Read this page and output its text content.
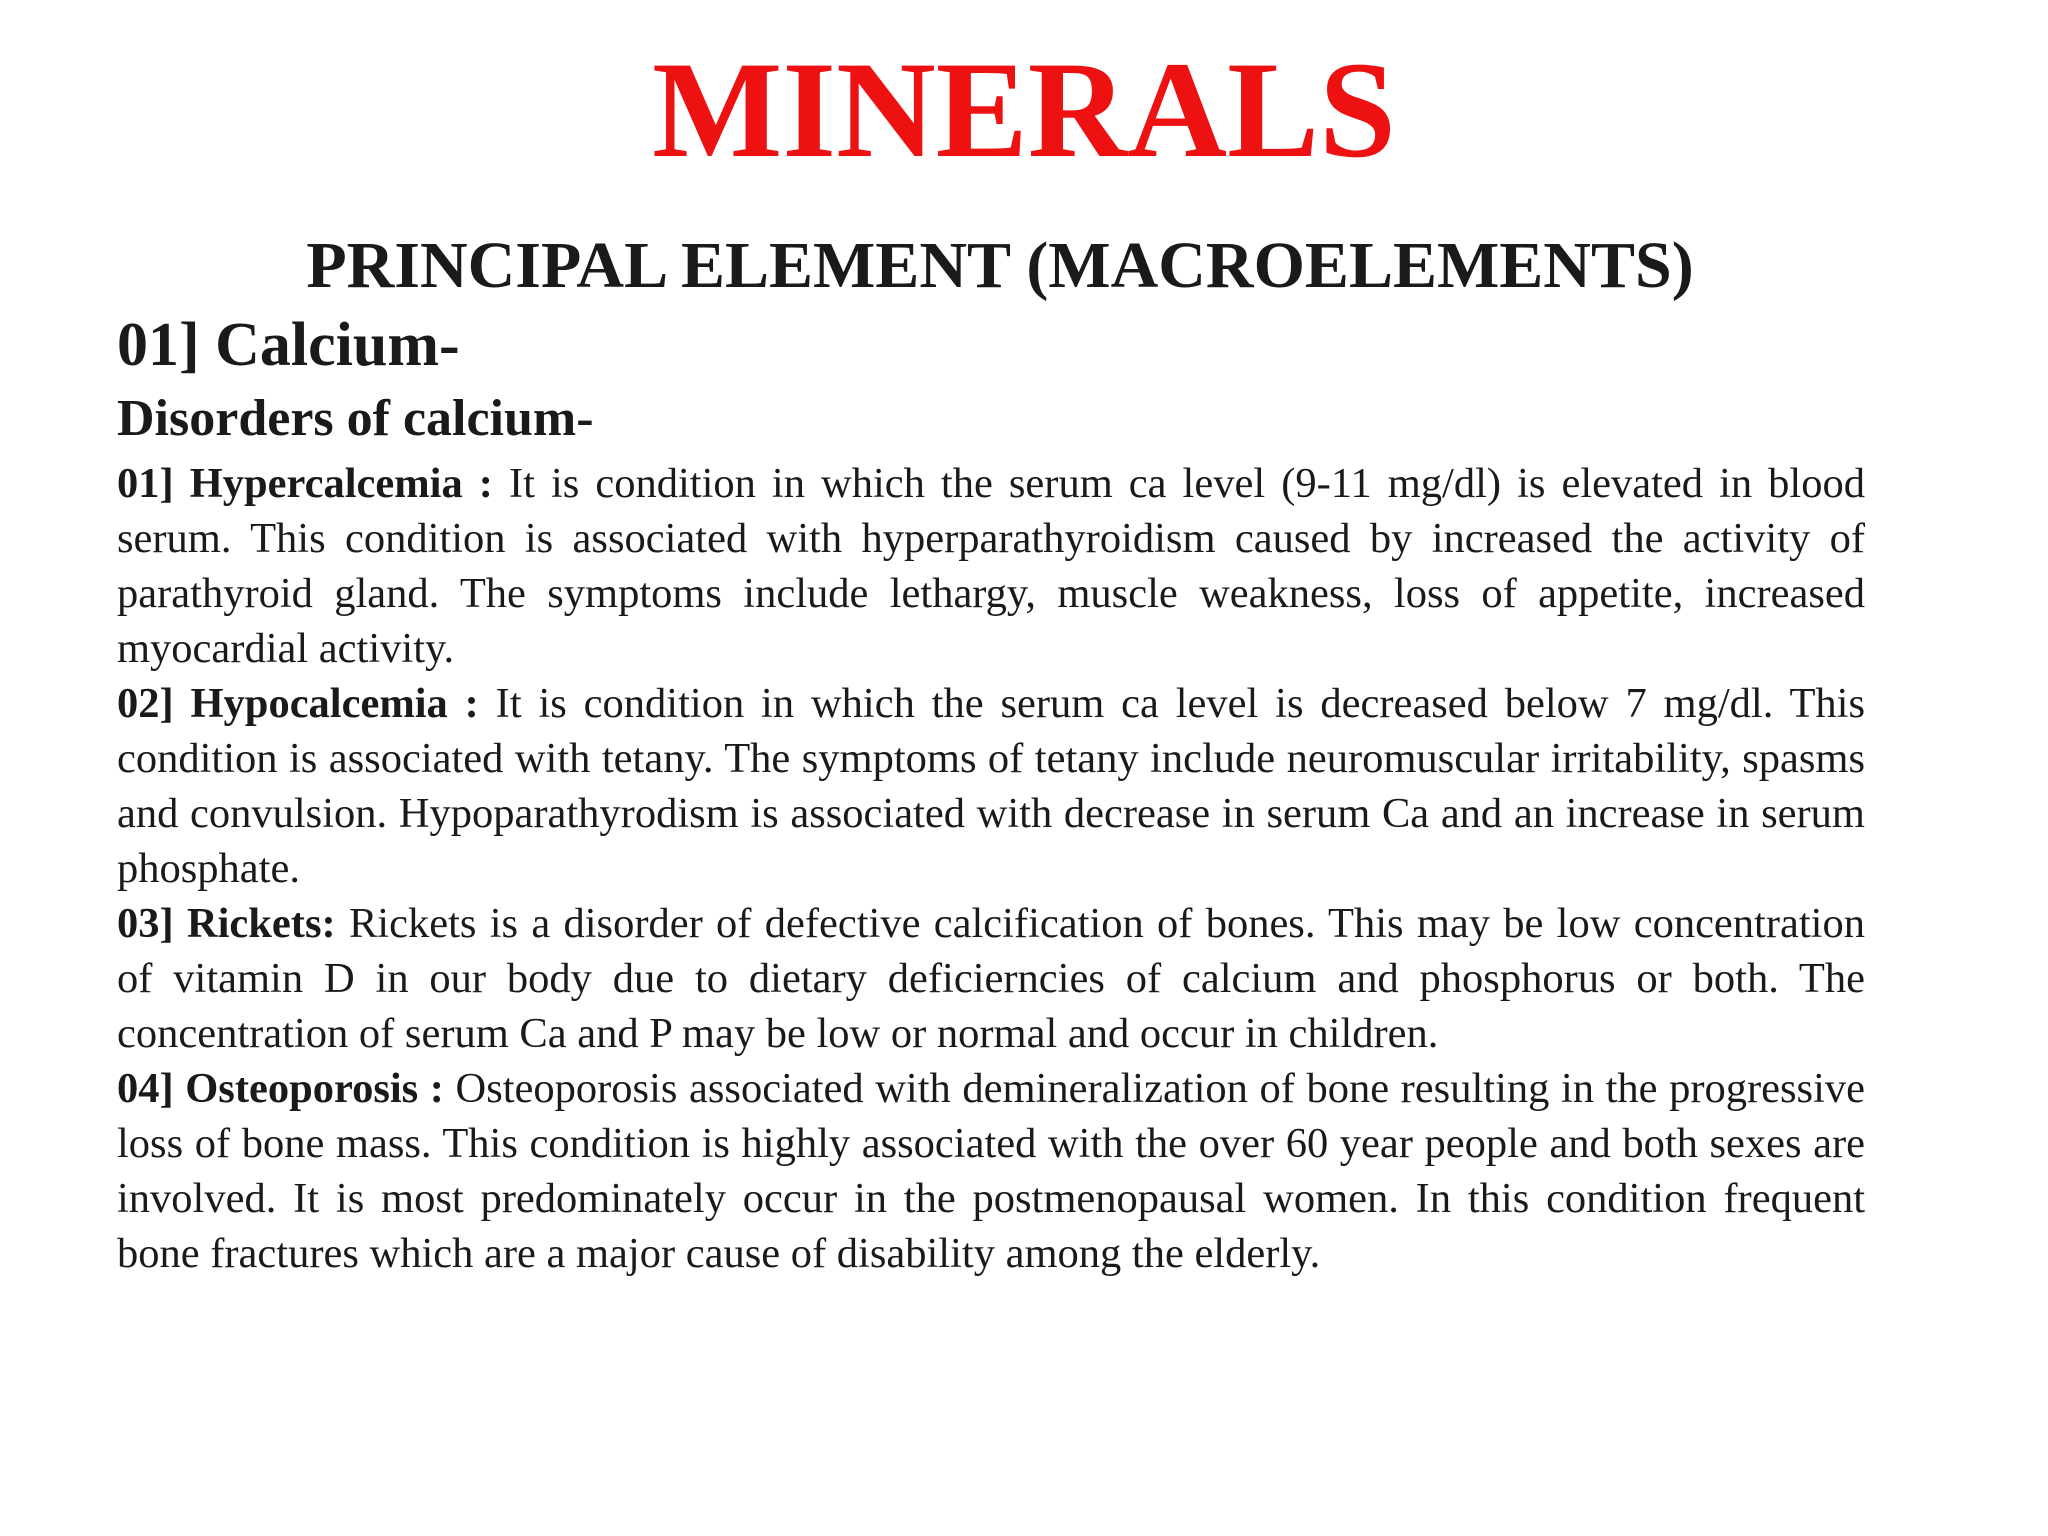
MINERALS
PRINCIPAL ELEMENT (MACROELEMENTS)
01] Calcium-
Disorders of calcium-

01] Hypercalcemia : It is condition in which the serum ca level (9-11 mg/dl) is elevated in blood serum. This condition is associated with hyperparathyroidism caused by increased the activity of parathyroid gland. The symptoms include lethargy, muscle weakness, loss of appetite, increased myocardial activity.

02] Hypocalcemia : It is condition in which the serum ca level is decreased below 7 mg/dl. This condition is associated with tetany. The symptoms of tetany include neuromuscular irritability, spasms and convulsion. Hypoparathyrodism is associated with decrease in serum Ca and an increase in serum phosphate.

03] Rickets: Rickets is a disorder of defective calcification of bones. This may be low concentration of vitamin D in our body due to dietary deficierncies of calcium and phosphorus or both. The concentration of serum Ca and P may be low or normal and occur in children.

04] Osteoporosis : Osteoporosis associated with demineralization of bone resulting in the progressive loss of bone mass. This condition is highly associated with the over 60 year people and both sexes are involved. It is most predominately occur in the postmenopausal women. In this condition frequent bone fractures which are a major cause of disability among the elderly.
